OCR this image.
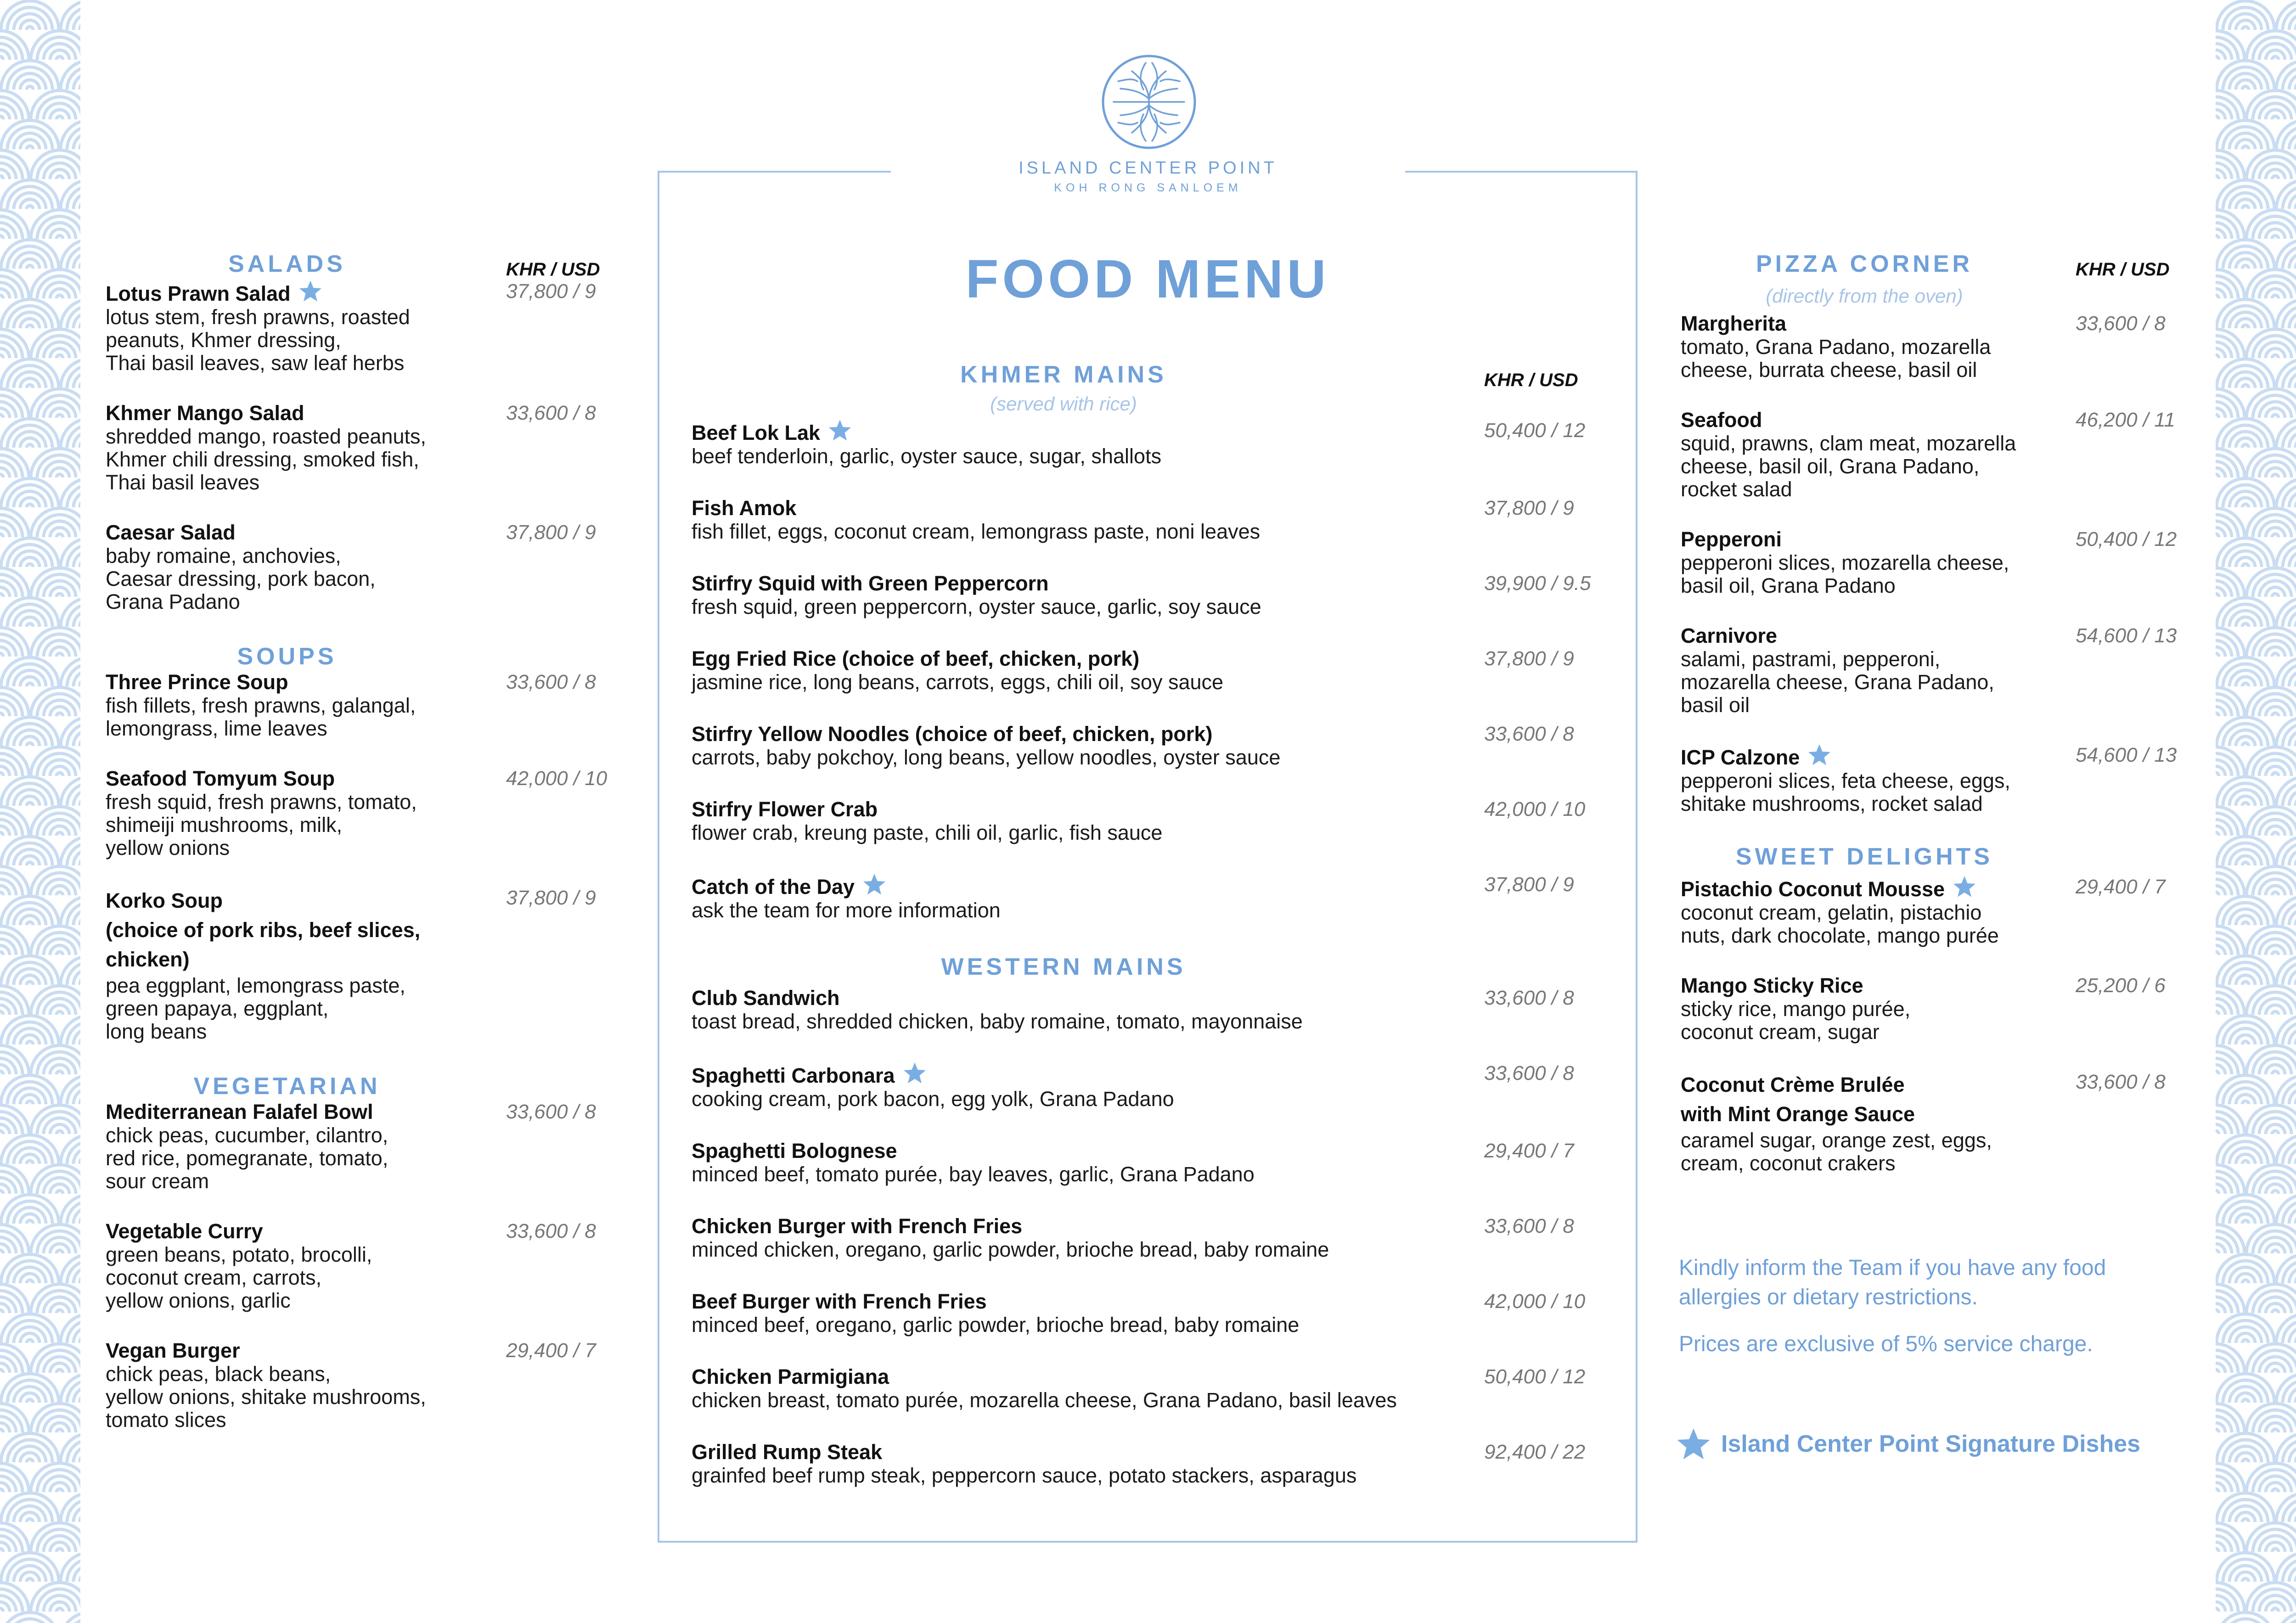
ISLAND CENTER POINT
KOH RONG SANLOEM
FOOD MENU
SALADS	KHR / USD
Lotus Prawn Salad
lotus stem, fresh prawns, roasted
peanuts, Khmer dressing,
Thai basil leaves, saw leaf herbs
37,800 / 9
Khmer Mango Salad
shredded mango, roasted peanuts,
Khmer chili dressing, smoked fish,
Thai basil leaves
33,600 / 8
Caesar Salad
baby romaine, anchovies,
Caesar dressing, pork bacon,
Grana Padano
37,800 / 9
SOUPS
Three Prince Soup
fish fillets, fresh prawns, galangal,
lemongrass, lime leaves
33,600 / 8
Seafood Tomyum Soup
fresh squid, fresh prawns, tomato,
shimeiji mushrooms, milk,
yellow onions
42,000 / 10
Korko Soup
(choice of pork ribs, beef slices,
chicken)
pea eggplant, lemongrass paste,
green papaya, eggplant,
long beans
37,800 / 9
VEGETARIAN
Mediterranean Falafel Bowl
chick peas, cucumber, cilantro,
red rice, pomegranate, tomato,
sour cream
33,600 / 8
Vegetable Curry
green beans, potato, brocolli,
coconut cream, carrots,
yellow onions, garlic
33,600 / 8
Vegan Burger
chick peas, black beans,
yellow onions, shitake mushrooms,
tomato slices
29,400 / 7
KHMER MAINS
(served with rice)
KHR / USD
Beef Lok Lak
beef tenderloin, garlic, oyster sauce, sugar, shallots
50,400 / 12
Fish Amok
fish fillet, eggs, coconut cream, lemongrass paste, noni leaves
37,800 / 9
Stirfry Squid with Green Peppercorn
fresh squid, green peppercorn, oyster sauce, garlic, soy sauce
39,900 / 9.5
Egg Fried Rice (choice of beef, chicken, pork)
jasmine rice, long beans, carrots, eggs, chili oil, soy sauce
37,800 / 9
Stirfry Yellow Noodles (choice of beef, chicken, pork)
carrots, baby pokchoy, long beans, yellow noodles, oyster sauce
33,600 / 8
Stirfry Flower Crab
flower crab, kreung paste, chili oil, garlic, fish sauce
42,000 / 10
Catch of the Day
ask the team for more information
37,800 / 9
WESTERN MAINS
Club Sandwich
toast bread, shredded chicken, baby romaine, tomato, mayonnaise
33,600 / 8
Spaghetti Carbonara
cooking cream, pork bacon, egg yolk, Grana Padano
33,600 / 8
Spaghetti Bolognese
minced beef, tomato purée, bay leaves, garlic, Grana Padano
29,400 / 7
Chicken Burger with French Fries
minced chicken, oregano, garlic powder, brioche bread, baby romaine
33,600 / 8
Beef Burger with French Fries
minced beef, oregano, garlic powder, brioche bread, baby romaine
42,000 / 10
Chicken Parmigiana
chicken breast, tomato purée, mozarella cheese, Grana Padano, basil leaves
50,400 / 12
Grilled Rump Steak
grainfed beef rump steak, peppercorn sauce, potato stackers, asparagus
92,400 / 22
PIZZA CORNER
(directly from the oven)
KHR / USD
Margherita
tomato, Grana Padano, mozarella
cheese, burrata cheese, basil oil
33,600 / 8
Seafood
squid, prawns, clam meat, mozarella
cheese, basil oil, Grana Padano,
rocket salad
46,200 / 11
Pepperoni
pepperoni slices, mozarella cheese,
basil oil, Grana Padano
50,400 / 12
Carnivore
salami, pastrami, pepperoni,
mozarella cheese, Grana Padano,
basil oil
54,600 / 13
ICP Calzone
pepperoni slices, feta cheese, eggs,
shitake mushrooms, rocket salad
54,600 / 13
SWEET DELIGHTS
Pistachio Coconut Mousse
coconut cream, gelatin, pistachio
nuts, dark chocolate, mango purée
29,400 / 7
Mango Sticky Rice
sticky rice, mango purée,
coconut cream, sugar
25,200 / 6
Coconut Crème Brulée
with Mint Orange Sauce
caramel sugar, orange zest, eggs,
cream, coconut crakers
33,600 / 8

Kindly inform the Team if you have any food
allergies or dietary restrictions.

Prices are exclusive of 5% service charge.

Island Center Point Signature Dishes
